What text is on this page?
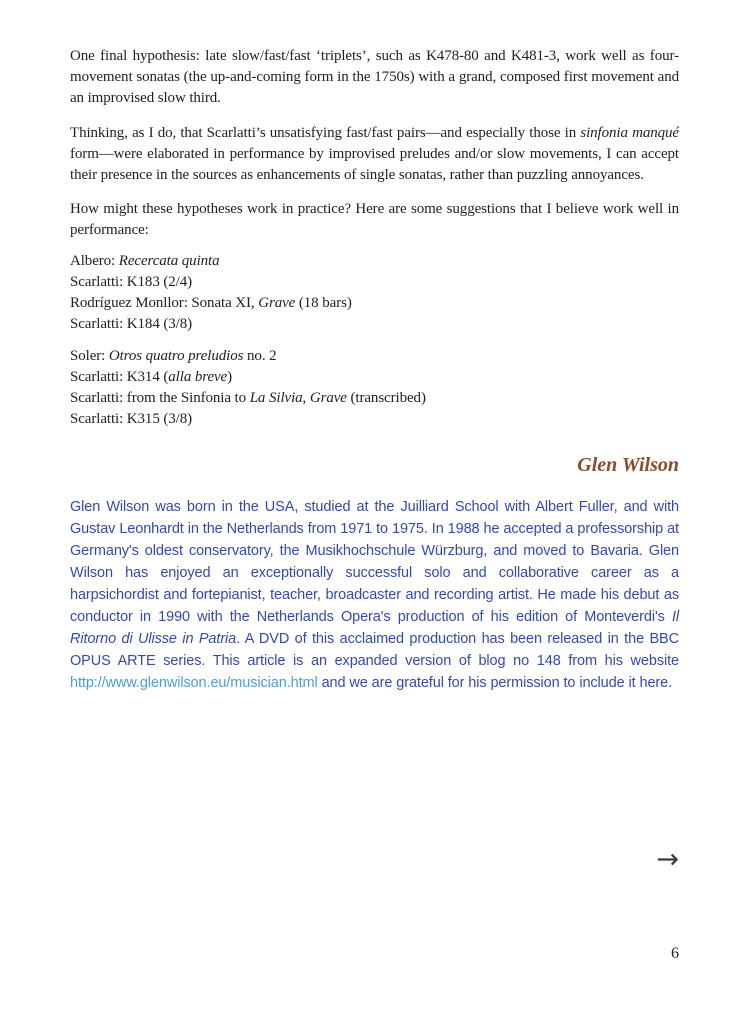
One final hypothesis: late slow/fast/fast ‘triplets’, such as K478-80 and K481-3, work well as four-movement sonatas (the up-and-coming form in the 1750s) with a grand, composed first movement and an improvised slow third.

Thinking, as I do, that Scarlatti’s unsatisfying fast/fast pairs—and especially those in sinfonia manqué form—were elaborated in performance by improvised preludes and/or slow movements, I can accept their presence in the sources as enhancements of single sonatas, rather than puzzling annoyances.

How might these hypotheses work in practice? Here are some suggestions that I believe work well in performance:

Albero: Recercata quinta

Scarlatti: K183 (2/4)

Rodríguez Monllor: Sonata XI, Grave (18 bars)

Scarlatti: K184 (3/8)

Soler: Otros quatro preludios no. 2

Scarlatti: K314 (alla breve)

Scarlatti: from the Sinfonia to La Silvia, Grave (transcribed)

Scarlatti: K315 (3/8)

Glen Wilson

Glen Wilson was born in the USA, studied at the Juilliard School with Albert Fuller, and with Gustav Leonhardt in the Netherlands from 1971 to 1975. In 1988 he accepted a professorship at Germany's oldest conservatory, the Musikhochschule Würzburg, and moved to Bavaria. Glen Wilson has enjoyed an exceptionally successful solo and collaborative career as a harpsichordist and fortepianist, teacher, broadcaster and recording artist. He made his debut as conductor in 1990 with the Netherlands Opera's production of his edition of Monteverdi's Il Ritorno di Ulisse in Patria. A DVD of this acclaimed production has been released in the BBC OPUS ARTE series. This article is an expanded version of blog no 148 from his website http://www.glenwilson.eu/musician.html and we are grateful for his permission to include it here.

→
6
